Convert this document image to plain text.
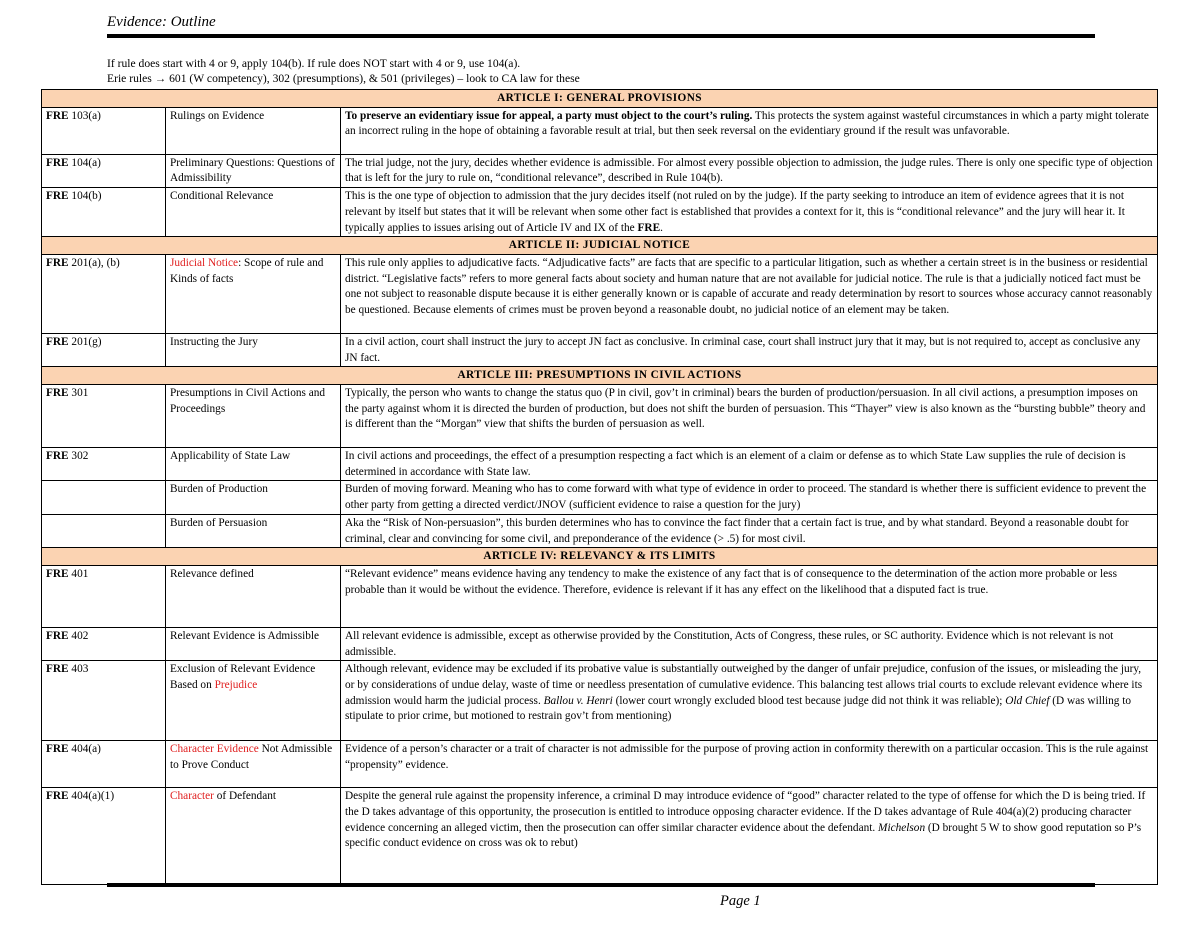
Evidence: Outline
If rule does start with 4 or 9, apply 104(b). If rule does NOT start with 4 or 9, use 104(a).
Erie rules → 601 (W competency), 302 (presumptions), & 501 (privileges) – look to CA law for these
ARTICLE I: GENERAL PROVISIONS		
FRE 103(a)	Rulings on Evidence	To preserve an evidentiary issue for appeal, a party must object to the court’s ruling. This protects the system against wasteful circumstances in which a party might tolerate an incorrect ruling in the hope of obtaining a favorable result at trial, but then seek reversal on the evidentiary ground if the result was unfavorable.
FRE 104(a)	Preliminary Questions: Questions of Admissibility	The trial judge, not the jury, decides whether evidence is admissible. For almost every possible objection to admission, the judge rules. There is only one specific type of objection that is left for the jury to rule on, “conditional relevance”, described in Rule 104(b).
FRE 104(b)	Conditional Relevance	This is the one type of objection to admission that the jury decides itself (not ruled on by the judge). If the party seeking to introduce an item of evidence agrees that it is not relevant by itself but states that it will be relevant when some other fact is established that provides a context for it, this is “conditional relevance” and the jury will hear it. It typically applies to issues arising out of Article IV and IX of the FRE.
ARTICLE II: JUDICIAL NOTICE		
FRE 201(a), (b)	Judicial Notice: Scope of rule and Kinds of facts	This rule only applies to adjudicative facts. “Adjudicative facts” are facts that are specific to a particular litigation, such as whether a certain street is in the business or residential district. “Legislative facts” refers to more general facts about society and human nature that are not available for judicial notice. The rule is that a judicially noticed fact must be one not subject to reasonable dispute because it is either generally known or is capable of accurate and ready determination by resort to sources whose accuracy cannot reasonably be questioned. Because elements of crimes must be proven beyond a reasonable doubt, no judicial notice of an element may be taken.
FRE 201(g)	Instructing the Jury	In a civil action, court shall instruct the jury to accept JN fact as conclusive. In criminal case, court shall instruct jury that it may, but is not required to, accept as conclusive any JN fact.
ARTICLE III: PRESUMPTIONS IN CIVIL ACTIONS		
FRE 301	Presumptions in Civil Actions and Proceedings	Typically, the person who wants to change the status quo (P in civil, gov’t in criminal) bears the burden of production/persuasion. In all civil actions, a presumption imposes on the party against whom it is directed the burden of production, but does not shift the burden of persuasion. This “Thayer” view is also known as the “bursting bubble” theory and is different than the “Morgan” view that shifts the burden of persuasion as well.
FRE 302	Applicability of State Law	In civil actions and proceedings, the effect of a presumption respecting a fact which is an element of a claim or defense as to which State Law supplies the rule of decision is determined in accordance with State law.
	Burden of Production	Burden of moving forward. Meaning who has to come forward with what type of evidence in order to proceed. The standard is whether there is sufficient evidence to prevent the other party from getting a directed verdict/JNOV (sufficient evidence to raise a question for the jury)
	Burden of Persuasion	Aka the “Risk of Non-persuasion”, this burden determines who has to convince the fact finder that a certain fact is true, and by what standard. Beyond a reasonable doubt for criminal, clear and convincing for some civil, and preponderance of the evidence (> .5) for most civil.
ARTICLE IV: RELEVANCY & ITS LIMITS		
FRE 401	Relevance defined	“Relevant evidence” means evidence having any tendency to make the existence of any fact that is of consequence to the determination of the action more probable or less probable than it would be without the evidence. Therefore, evidence is relevant if it has any effect on the likelihood that a disputed fact is true.
FRE 402	Relevant Evidence is Admissible	All relevant evidence is admissible, except as otherwise provided by the Constitution, Acts of Congress, these rules, or SC authority. Evidence which is not relevant is not admissible.
FRE 403	Exclusion of Relevant Evidence Based on Prejudice	Although relevant, evidence may be excluded if its probative value is substantially outweighed by the danger of unfair prejudice, confusion of the issues, or misleading the jury, or by considerations of undue delay, waste of time or needless presentation of cumulative evidence. This balancing test allows trial courts to exclude relevant evidence where its admission would harm the judicial process. Ballou v. Henri (lower court wrongly excluded blood test because judge did not think it was reliable); Old Chief (D was willing to stipulate to prior crime, but motioned to restrain gov’t from mentioning)
FRE 404(a)	Character Evidence Not Admissible to Prove Conduct	Evidence of a person’s character or a trait of character is not admissible for the purpose of proving action in conformity therewith on a particular occasion. This is the rule against “propensity” evidence.
FRE 404(a)(1)	Character of Defendant	Despite the general rule against the propensity inference, a criminal D may introduce evidence of “good” character related to the type of offense for which the D is being tried. If the D takes advantage of this opportunity, the prosecution is entitled to introduce opposing character evidence. If the D takes advantage of Rule 404(a)(2) producing character evidence concerning an alleged victim, then the prosecution can offer similar character evidence about the defendant. Michelson (D brought 5 W to show good reputation so P’s specific conduct evidence on cross was ok to rebut)
Page 1
